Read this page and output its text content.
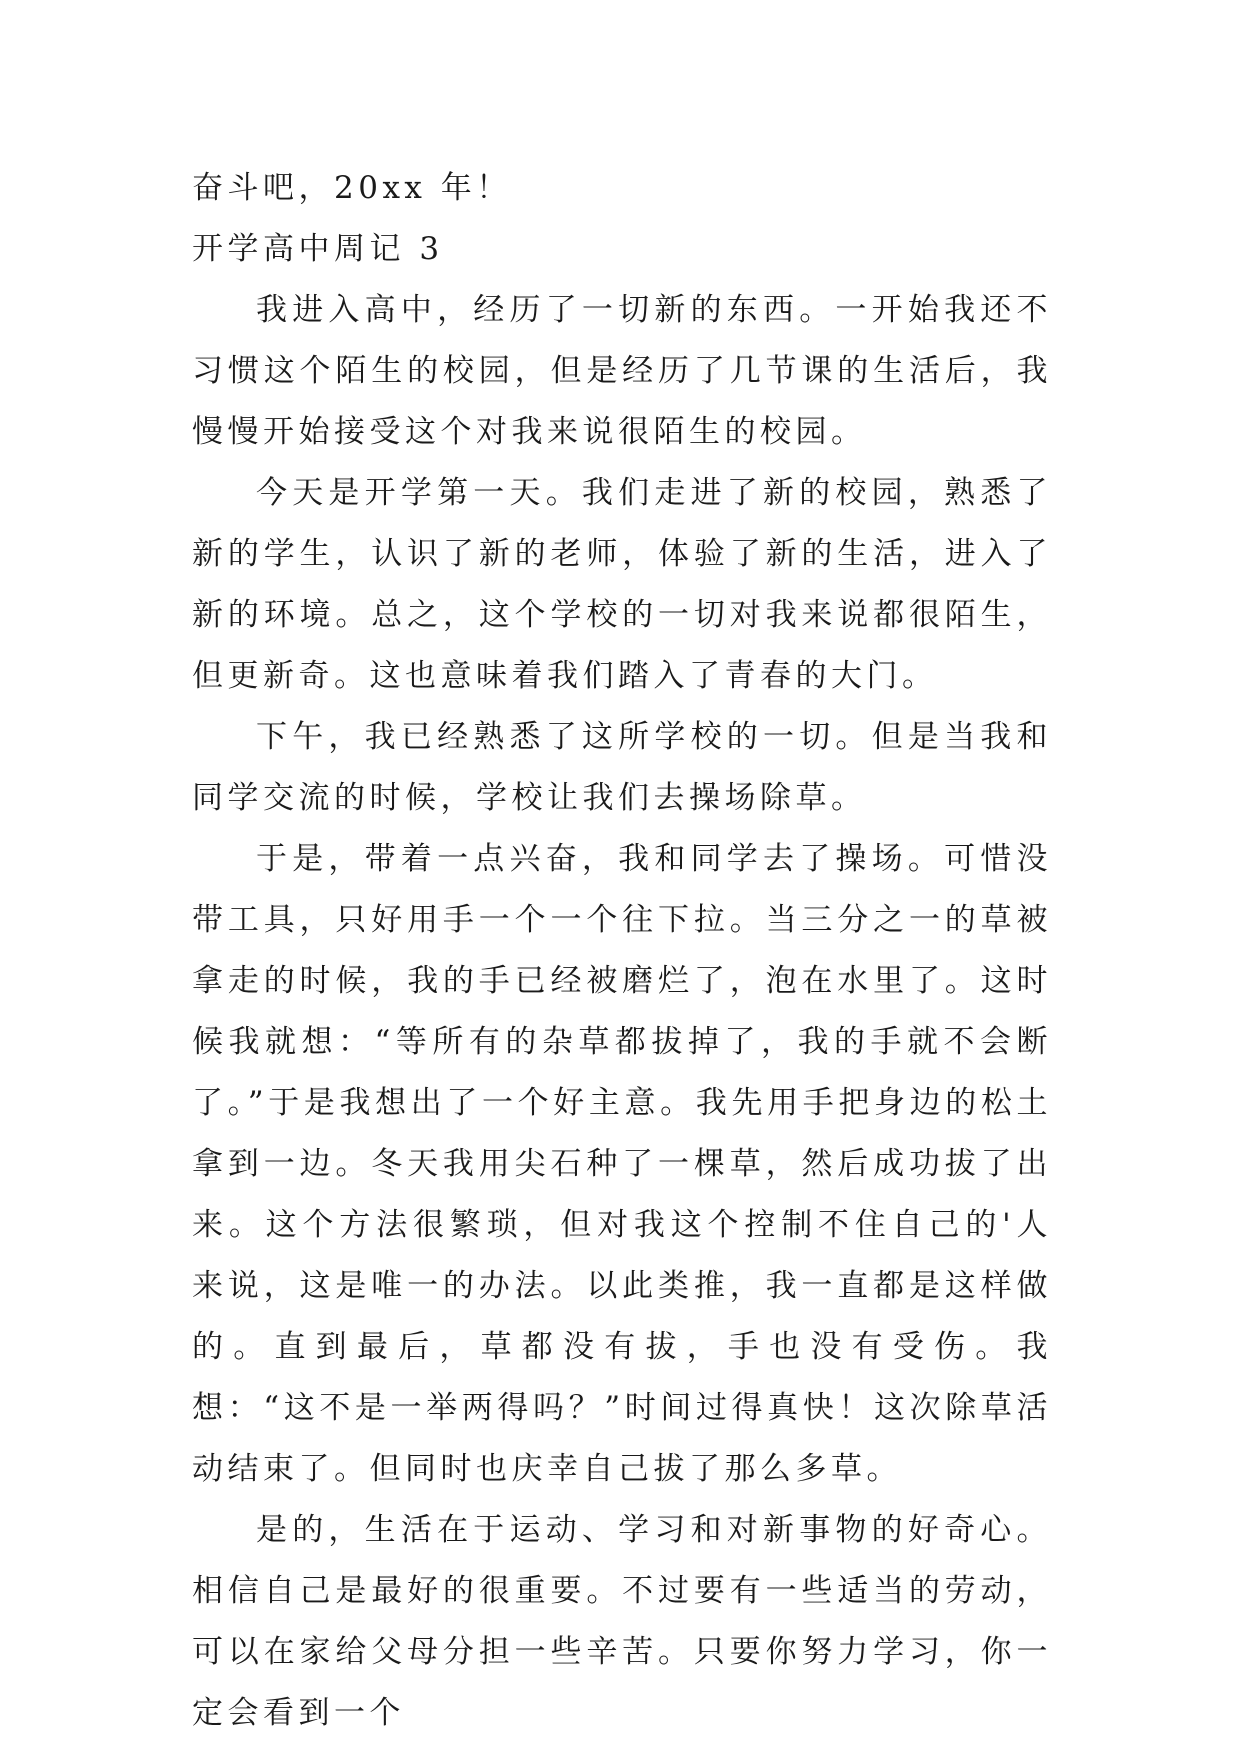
奋斗吧，20xx 年！

开学高中周记 3

我进入高中，经历了一切新的东西。一开始我还不习惯这个陌生的校园，但是经历了几节课的生活后，我慢慢开始接受这个对我来说很陌生的校园。

今天是开学第一天。我们走进了新的校园，熟悉了新的学生，认识了新的老师，体验了新的生活，进入了新的环境。总之，这个学校的一切对我来说都很陌生，但更新奇。这也意味着我们踏入了青春的大门。

下午，我已经熟悉了这所学校的一切。但是当我和同学交流的时候，学校让我们去操场除草。

于是，带着一点兴奋，我和同学去了操场。可惜没带工具，只好用手一个一个往下拉。当三分之一的草被拿走的时候，我的手已经被磨烂了，泡在水里了。这时候我就想：“等所有的杂草都拔掉了，我的手就不会断了。”于是我想出了一个好主意。我先用手把身边的松土拿到一边。冬天我用尖石种了一棵草，然后成功拔了出来。这个方法很繁琐，但对我这个控制不住自己的'人来说，这是唯一的办法。以此类推，我一直都是这样做的。直到最后，草都没有拔，手也没有受伤。我想：“这不是一举两得吗？”时间过得真快！这次除草活动结束了。但同时也庆幸自己拔了那么多草。

是的，生活在于运动、学习和对新事物的好奇心。相信自己是最好的很重要。不过要有一些适当的劳动，可以在家给父母分担一些辛苦。只要你努力学习，你一定会看到一个
